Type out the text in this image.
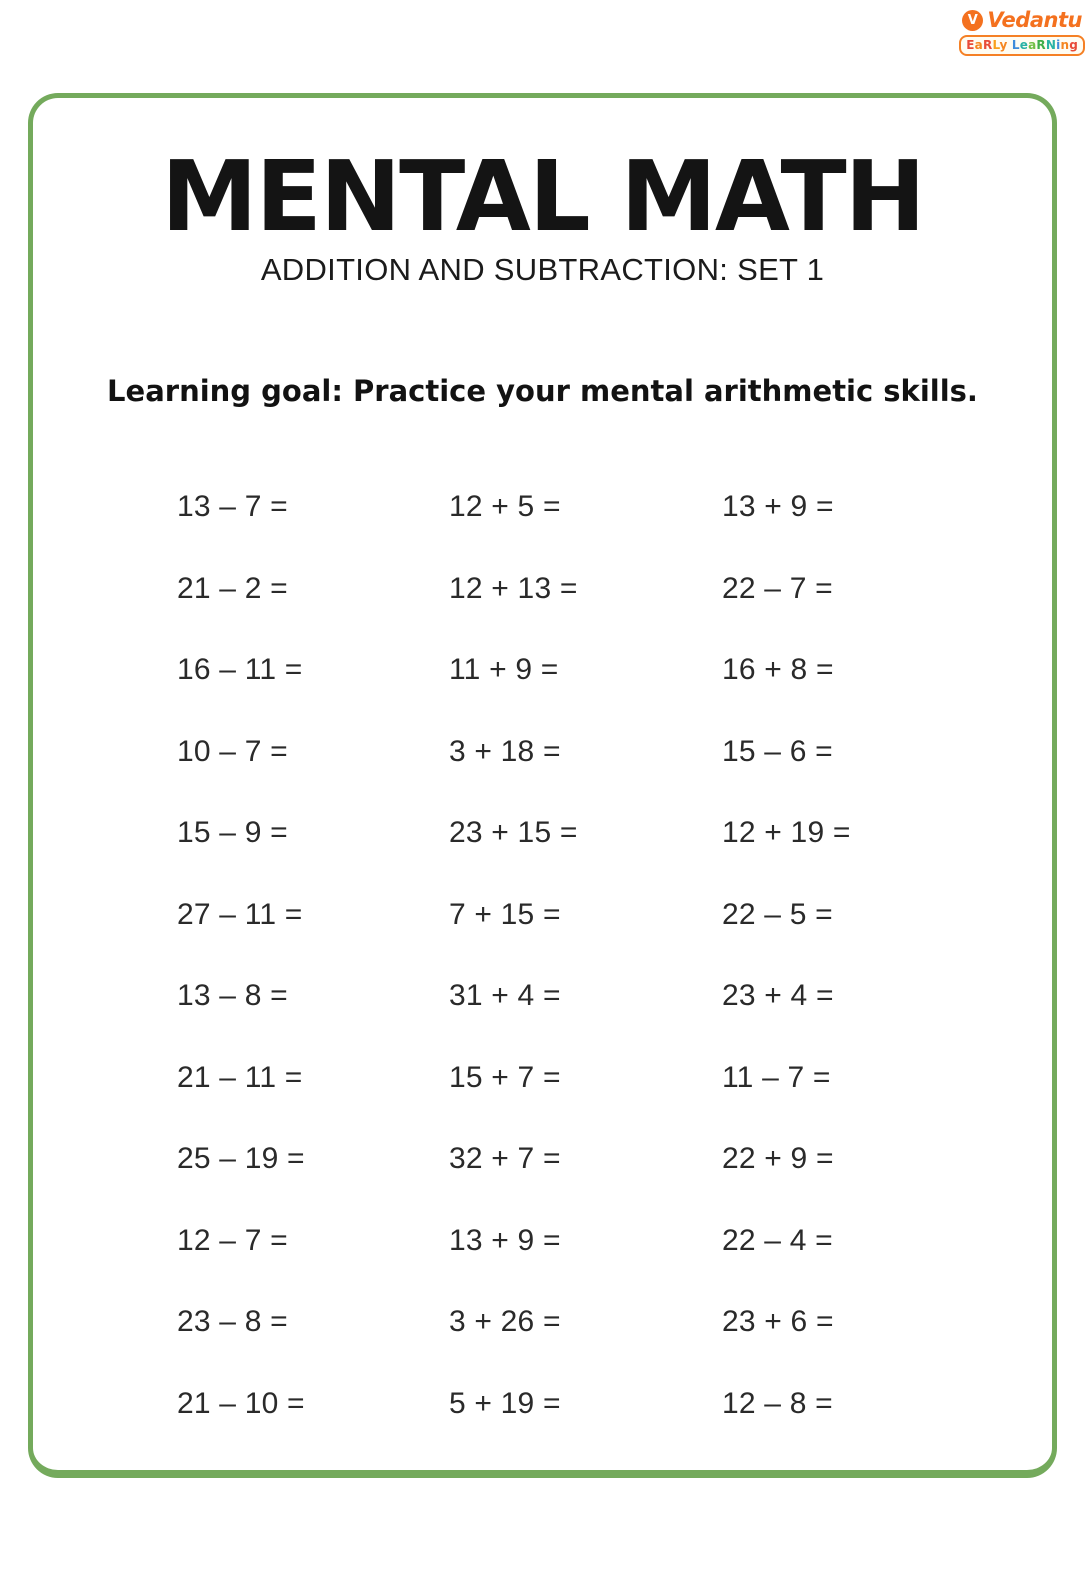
V Vedantu
EaRLy LeaRNing
MENTAL MATH
ADDITION AND SUBTRACTION: SET 1
Learning goal: Practice your mental arithmetic skills.
13 – 7 =	12 + 5 =	13 + 9 =
21 – 2 =	12 + 13 =	22 – 7 =
16 – 11 =	11 + 9 =	16 + 8 =
10 – 7 =	3 + 18 =	15 – 6 =
15 – 9 =	23 + 15 =	12 + 19 =
27 – 11 =	7 + 15 =	22 – 5 =
13 – 8 =	31 + 4 =	23 + 4 =
21 – 11 =	15 + 7 =	11 – 7 =
25 – 19 =	32 + 7 =	22 + 9 =
12 – 7 =	13 + 9 =	22 – 4 =
23 – 8 =	3 + 26 =	23 + 6 =
21 – 10 =	5 + 19 =	12 – 8 =
